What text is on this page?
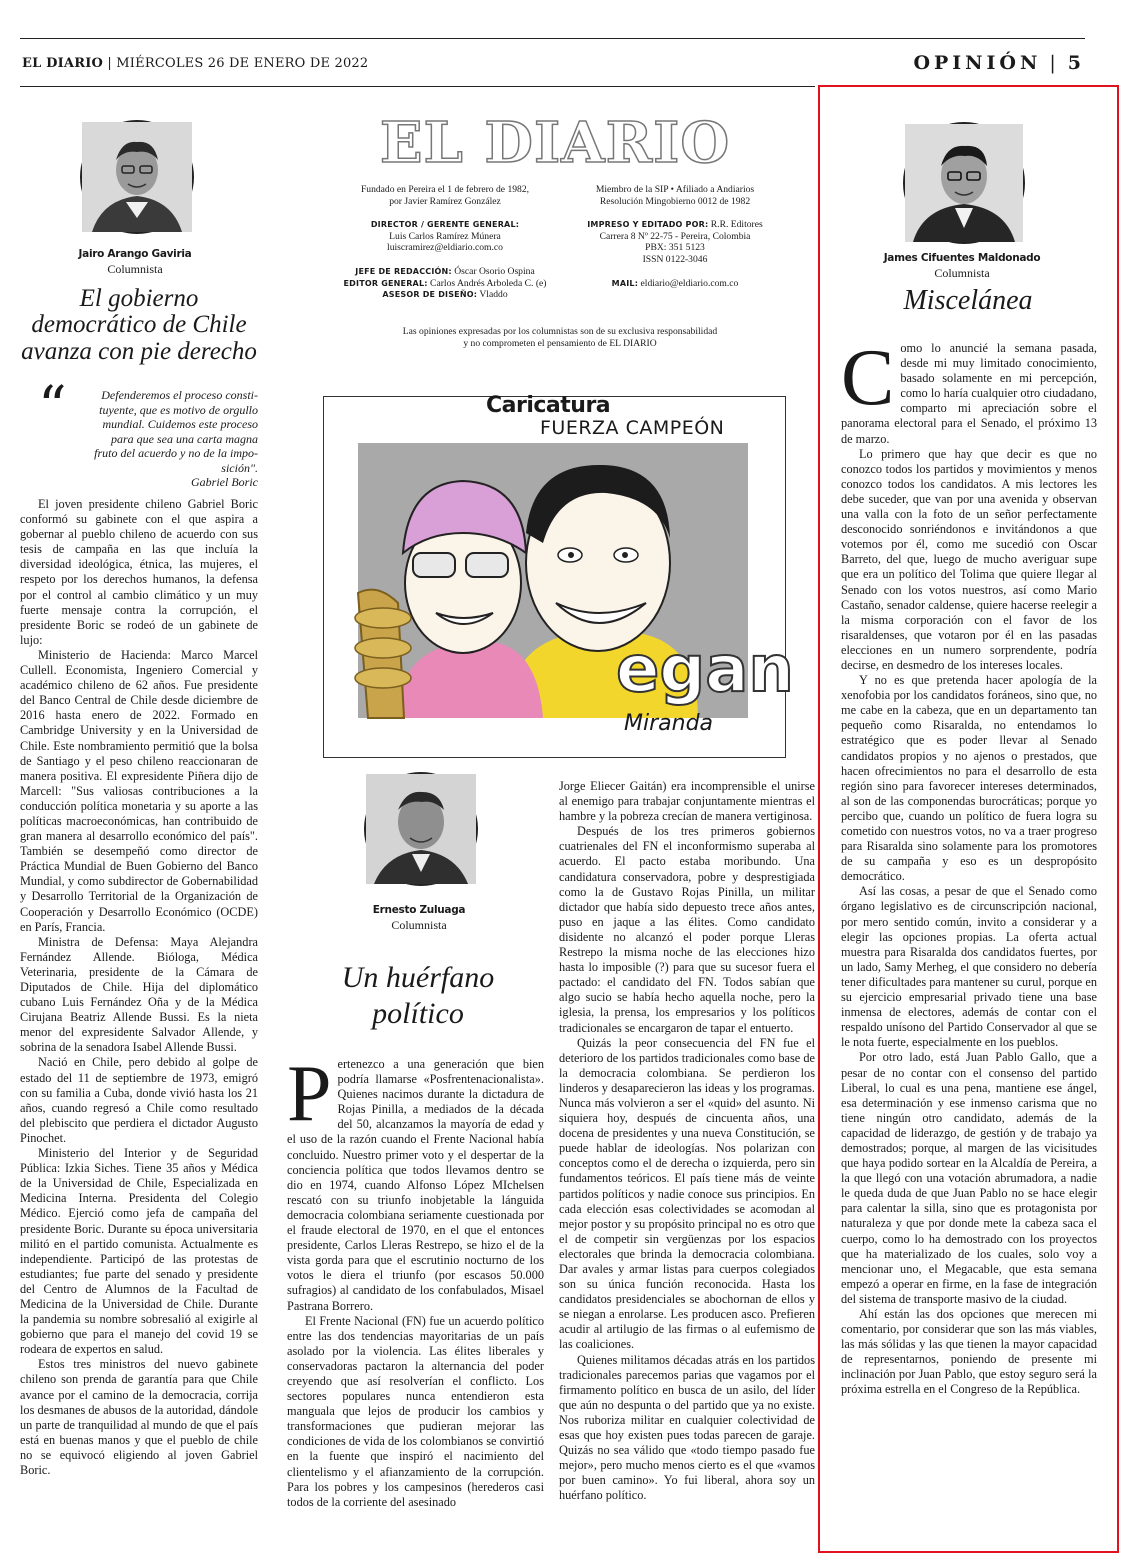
EL DIARIO | MIÉRCOLES 26 DE ENERO DE 2022	OPINIÓN | 5
Jairo Arango Gaviria
Columnista
El gobierno
democrático de Chile
avanza con pie derecho
“	Defenderemos el proceso consti-
tuyente, que es motivo de orgullo
mundial. Cuidemos este proceso
para que sea una carta magna
fruto del acuerdo y no de la impo-
sición".
Gabriel Boric

El joven presidente chileno Gabriel Boric conformó su gabinete con el que aspira a gobernar al pueblo chileno de acuerdo con sus tesis de campaña en las que incluía la diversidad ideológica, étnica, las mujeres, el respeto por los derechos humanos, la defensa por el control al cambio climático y un muy fuerte mensaje contra la corrupción, el presidente Boric se rodeó de un gabinete de lujo:

Ministerio de Hacienda: Marco Marcel Cullell. Economista, Ingeniero Comercial y académico chileno de 62 años. Fue presidente del Banco Central de Chile desde diciembre de 2016 hasta enero de 2022. Formado en Cambridge University y en la Universidad de Chile. Este nombramiento permitió que la bolsa de Santiago y el peso chileno reaccionaran de manera positiva. El expresidente Piñera dijo de Marcell: "Sus valiosas contribuciones a la conducción política monetaria y su aporte a las políticas macroeconómicas, han contribuido de gran manera al desarrollo económico del país". También se desempeñó como director de Práctica Mundial de Buen Gobierno del Banco Mundial, y como subdirector de Gobernabilidad y Desarrollo Territorial de la Organización de Cooperación y Desarrollo Económico (OCDE) en París, Francia.

Ministra de Defensa: Maya Alejandra Fernández Allende. Bióloga, Médica Veterinaria, presidente de la Cámara de Diputados de Chile. Hija del diplomático cubano Luis Fernández Oña y de la Médica Cirujana Beatriz Allende Bussi. Es la nieta menor del expresidente Salvador Allende, y sobrina de la senadora Isabel Allende Bussi.

Nació en Chile, pero debido al golpe de estado del 11 de septiembre de 1973, emigró con su familia a Cuba, donde vivió hasta los 21 años, cuando regresó a Chile como resultado del plebiscito que perdiera el dictador Augusto Pinochet.

Ministerio del Interior y de Seguridad Pública: Izkia Siches. Tiene 35 años y Médica de la Universidad de Chile, Especializada en Medicina Interna. Presidenta del Colegio Médico. Ejerció como jefa de campaña del presidente Boric. Durante su época universitaria militó en el partido comunista. Actualmente es independiente. Participó de las protestas de estudiantes; fue parte del senado y presidente del Centro de Alumnos de la Facultad de Medicina de la Universidad de Chile. Durante la pandemia su nombre sobresalió al exigirle al gobierno que para el manejo del covid 19 se rodeara de expertos en salud.

Estos tres ministros del nuevo gabinete chileno son prenda de garantía para que Chile avance por el camino de la democracia, corrija los desmanes de abusos de la autoridad, dándole un parte de tranquilidad al mundo de que el país está en buenas manos y que el pueblo de chile no se equivocó eligiendo al joven Gabriel Boric.

EL DIARIO
Fundado en Pereira el 1 de febrero de 1982,
por Javier Ramírez González
DIRECTOR / GERENTE GENERAL:
Luis Carlos Ramírez Múnera
luiscramirez@eldiario.com.co
JEFE DE REDACCIÓN: Óscar Osorio Ospina
EDITOR GENERAL: Carlos Andrés Arboleda C. (e)
ASESOR DE DISEÑO: Vladdo
Miembro de la SIP • Afiliado a Andiarios
Resolución Mingobierno 0012 de 1982
IMPRESO Y EDITADO POR: R.R. Editores
Carrera 8 Nº 22-75 - Pereira, Colombia
PBX: 351 5123
ISSN 0122-3046
MAIL: eldiario@eldiario.com.co
Las opiniones expresadas por los columnistas son de su exclusiva responsabilidad
y no comprometen el pensamiento de EL DIARIO
Caricatura
FUERZA CAMPEÓN
egan
Miranda
Ernesto Zuluaga
Columnista
Un huérfano
político
P ertenezco a una generación que bien podría llamarse «Posfrentenacionalista». Quienes nacimos durante la dictadura de Rojas Pinilla, a mediados de la década del 50, alcanzamos la mayoría de edad y el uso de la razón cuando el Frente Nacional había concluido. Nuestro primer voto y el despertar de la conciencia política que todos llevamos dentro se dio en 1974, cuando Alfonso López MIchelsen rescató con su triunfo inobjetable la lánguida democracia colombiana seriamente cuestionada por el fraude electoral de 1970, en el que el entonces presidente, Carlos Lleras Restrepo, se hizo el de la vista gorda para que el escrutinio nocturno de los votos le diera el triunfo (por escasos 50.000 sufragios) al candidato de los confabulados, Misael Pastrana Borrero.

El Frente Nacional (FN) fue un acuerdo político entre las dos tendencias mayoritarias de un país asolado por la violencia. Las élites liberales y conservadoras pactaron la alternancia del poder creyendo que así resolverían el conflicto. Los sectores populares nunca entendieron esta manguala que lejos de producir los cambios y transformaciones que pudieran mejorar las condiciones de vida de los colombianos se convirtió en la fuente que inspiró el nacimiento del clientelismo y el afianzamiento de la corrupción. Para los pobres y los campesinos (herederos casi todos de la corriente del asesinado

Jorge Eliecer Gaitán) era incomprensible el unirse al enemigo para trabajar conjuntamente mientras el hambre y la pobreza crecían de manera vertiginosa.

Después de los tres primeros gobiernos cuatrienales del FN el inconformismo superaba al acuerdo. El pacto estaba moribundo. Una candidatura conservadora, pobre y desprestigiada como la de Gustavo Rojas Pinilla, un militar dictador que había sido depuesto trece años antes, puso en jaque a las élites. Como candidato disidente no alcanzó el poder porque Lleras Restrepo la misma noche de las elecciones hizo hasta lo imposible (?) para que su sucesor fuera el pactado: el candidato del FN. Todos sabían que algo sucio se había hecho aquella noche, pero la iglesia, la prensa, los empresarios y los políticos tradicionales se encargaron de tapar el entuerto.

Quizás la peor consecuencia del FN fue el deterioro de los partidos tradicionales como base de la democracia colombiana. Se perdieron los linderos y desaparecieron las ideas y los programas. Nunca más volvieron a ser el «quid» del asunto. Ni siquiera hoy, después de cincuenta años, una docena de presidentes y una nueva Constitución, se puede hablar de ideologías. Nos polarizan con conceptos como el de derecha o izquierda, pero sin fundamentos teóricos. El país tiene más de veinte partidos políticos y nadie conoce sus principios. En cada elección esas colectividades se acomodan al mejor postor y su propósito principal no es otro que el de competir sin vergüenzas por los espacios electorales que brinda la democracia colombiana. Dar avales y armar listas para cuerpos colegiados son su única función reconocida. Hasta los candidatos presidenciales se abochornan de ellos y se niegan a enrolarse. Les producen asco. Prefieren acudir al artilugio de las firmas o al eufemismo de las coaliciones.

Quienes militamos décadas atrás en los partidos tradicionales parecemos parias que vagamos por el firmamento político en busca de un asilo, del líder que aún no despunta o del partido que ya no existe. Nos ruboriza militar en cualquier colectividad de esas que hoy existen pues todas parecen de garaje. Quizás no sea válido que «todo tiempo pasado fue mejor», pero mucho menos cierto es el que «vamos por buen camino». Yo fui liberal, ahora soy un huérfano político.

James Cifuentes Maldonado
Columnista
Miscelánea
C omo lo anuncié la semana pasada, desde mi muy limitado conocimiento, basado solamente en mi percepción, como lo haría cualquier otro ciudadano, comparto mi apreciación sobre el panorama electoral para el Senado, el próximo 13 de marzo.

Lo primero que hay que decir es que no conozco todos los partidos y movimientos y menos conozco todos los candidatos. A mis lectores les debe suceder, que van por una avenida y observan una valla con la foto de un señor perfectamente desconocido sonriéndonos e invitándonos a que votemos por él, como me sucedió con Oscar Barreto, del que, luego de mucho averiguar supe que era un político del Tolima que quiere llegar al Senado con los votos nuestros, así como Mario Castaño, senador caldense, quiere hacerse reelegir a la misma corporación con el favor de los risaraldenses, que votaron por él en las pasadas elecciones en un numero sorprendente, podría decirse, en desmedro de los intereses locales.

Y no es que pretenda hacer apología de la xenofobia por los candidatos foráneos, sino que, no me cabe en la cabeza, que en un departamento tan pequeño como Risaralda, no entendamos lo estratégico que es poder llevar al Senado candidatos propios y no ajenos o prestados, que hacen ofrecimientos no para el desarrollo de esta región sino para favorecer intereses determinados, al son de las componendas burocráticas; porque yo percibo que, cuando un político de fuera logra su cometido con nuestros votos, no va a traer progreso para Risaralda sino solamente para los promotores de su campaña y eso es un despropósito democrático.

Así las cosas, a pesar de que el Senado como órgano legislativo es de circunscripción nacional, por mero sentido común, invito a considerar y a elegir las opciones propias. La oferta actual muestra para Risaralda dos candidatos fuertes, por un lado, Samy Merheg, el que considero no debería tener dificultades para mantener su curul, porque en su ejercicio empresarial privado tiene una base inmensa de electores, además de contar con el respaldo unísono del Partido Conservador al que se le nota fuerte, especialmente en los pueblos.

Por otro lado, está Juan Pablo Gallo, que a pesar de no contar con el consenso del partido Liberal, lo cual es una pena, mantiene ese ángel, esa determinación y ese inmenso carisma que no tiene ningún otro candidato, además de la capacidad de liderazgo, de gestión y de trabajo ya demostrados; porque, al margen de las vicisitudes que haya podido sortear en la Alcaldía de Pereira, a la que llegó con una votación abrumadora, a nadie le queda duda de que Juan Pablo no se hace elegir para calentar la silla, sino que es protagonista por naturaleza y que por donde mete la cabeza saca el cuerpo, como lo ha demostrado con los proyectos que ha materializado de los cuales, solo voy a mencionar uno, el Megacable, que esta semana empezó a operar en firme, en la fase de integración del sistema de transporte masivo de la ciudad.

Ahí están las dos opciones que merecen mi comentario, por considerar que son las más viables, las más sólidas y las que tienen la mayor capacidad de representarnos, poniendo de presente mi inclinación por Juan Pablo, que estoy seguro será la próxima estrella en el Congreso de la República.
